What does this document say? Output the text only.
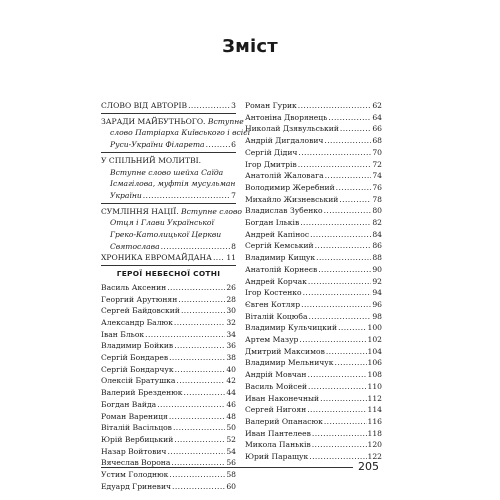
Зміст
СЛОВО ВІД АВТОРІВ .....	3
ЗАРАДИ МАЙБУТНЬОГО.
Вступне
слово Патріарха Київського і всієї
Руси-України Філарета .....	6
У СПІЛЬНИЙ МОЛИТВІ.
Вступне слово шейха Саїда
Ісмагілова, муфтія мусульман
України .....	7
СУМЛІННЯ НАЦІЇ.
Вступне слово
Отця і Глави Української
Греко-Католицької Церкви
Святослава .....	8
ХРОНИКА ЕВРОМАЙДАНА ..... 11
ГЕРОЇ НЕБЕСНОЇ СОТНІ
Василь Аксенин .....	26
Георгий Арутюнян .....	28
Сергей Байдовский .....	30
Александр Балюк .....	32
Іван Бльок .....	34
Владимир Бойкив .....	36
Сергій Бондарев .....	38
Сергій Бондарчук .....	40
Олексій Братушка .....	42
Валерий Брезденюк .....	44
Богдан Вайда .....	46
Роман Варениця .....	48
Віталій Васільцов .....	50
Юрій Вербицький .....	52
Назар Войтович .....	54
Вячеслав Ворона .....	56
Устим Голоднюк .....	58
Едуард Гриневич .....	60
Роман Гурик .....	62
Антоніна Дворянець .....	64
Николай Дзявульський .....	66
Андрій Дигдалович .....	68
Сергій Дідич .....	70
Ігор Дмитрів .....	72
Анатолій Жаловага .....	74
Володимир Жеребний .....	76
Михайло Жизневський .....	78
Владислав Зубенко .....	80
Богдан Ільків .....	82
Андрей Капінос .....	84
Сергій Кемський .....	86
Владимир Кищук .....	88
Анатолій Корнеєв .....	90
Андрей Корчак .....	92
Ігор Костенко .....	94
Євген Котляр .....	96
Віталій Коцюба .....	98
Владимир Кульчицкий .....	100
Артем Мазур .....	102
Дмитрий Максимов .....	104
Владимир Мельничук .....	106
Андрій Мовчан .....	108
Василь Мойсей .....	110
Иван Наконечный .....	112
Сергей Нигоян .....	114
Валерий Опанасюк .....	116
Иван Пантелеев .....	118
Микола Паньків .....	120
Юрий Паращук .....	122
205
